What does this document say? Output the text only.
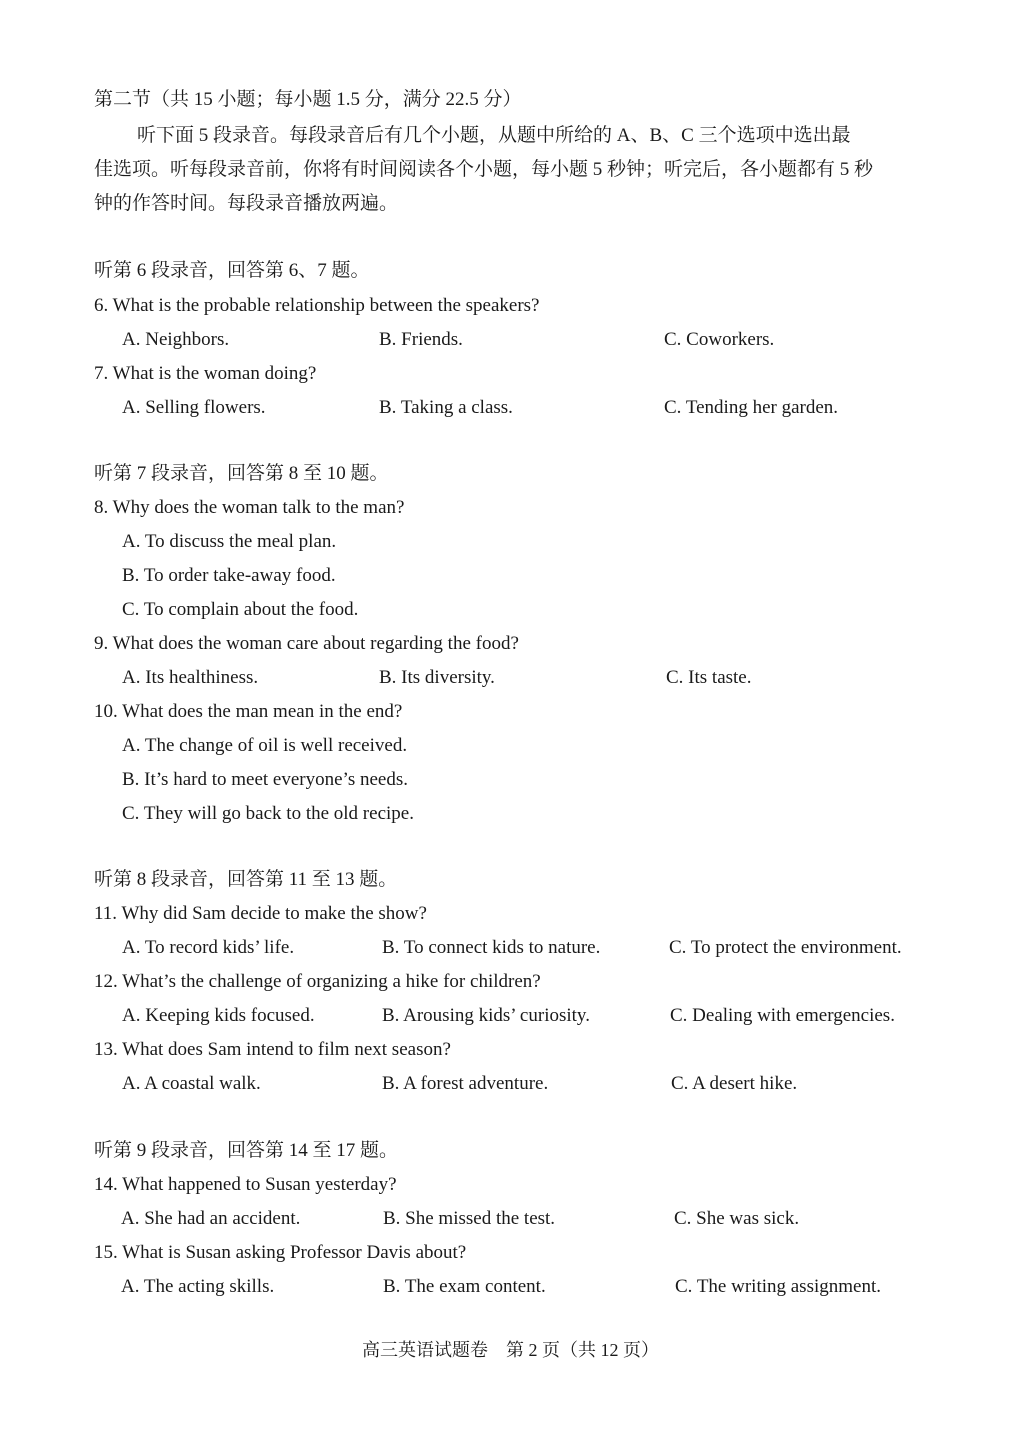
第二节（共 15 小题；每小题 1.5 分，满分 22.5 分）
听下面 5 段录音。每段录音后有几个小题，从题中所给的 A、B、C 三个选项中选出最
佳选项。听每段录音前，你将有时间阅读各个小题，每小题 5 秒钟；听完后，各小题都有 5 秒
钟的作答时间。每段录音播放两遍。
听第 6 段录音，回答第 6、7 题。
6. What is the probable relationship between the speakers?
A. Neighbors.	B. Friends.	C. Coworkers.
7. What is the woman doing?
A. Selling flowers.	B. Taking a class.	C. Tending her garden.
听第 7 段录音，回答第 8 至 10 题。
8. Why does the woman talk to the man?
A. To discuss the meal plan.
B. To order take-away food.
C. To complain about the food.
9. What does the woman care about regarding the food?
A. Its healthiness.	B. Its diversity.	C. Its taste.
10. What does the man mean in the end?
A. The change of oil is well received.
B. It’s hard to meet everyone’s needs.
C. They will go back to the old recipe.
听第 8 段录音，回答第 11 至 13 题。
11. Why did Sam decide to make the show?
A. To record kids’ life.	B. To connect kids to nature.	C. To protect the environment.
12. What’s the challenge of organizing a hike for children?
A. Keeping kids focused.	B. Arousing kids’ curiosity.	C. Dealing with emergencies.
13. What does Sam intend to film next season?
A. A coastal walk.	B. A forest adventure.	C. A desert hike.
听第 9 段录音，回答第 14 至 17 题。
14. What happened to Susan yesterday?
A. She had an accident.	B. She missed the test.	C. She was sick.
15. What is Susan asking Professor Davis about?
A. The acting skills.	B. The exam content.	C. The writing assignment.
高三英语试题卷　第 2 页（共 12 页）
